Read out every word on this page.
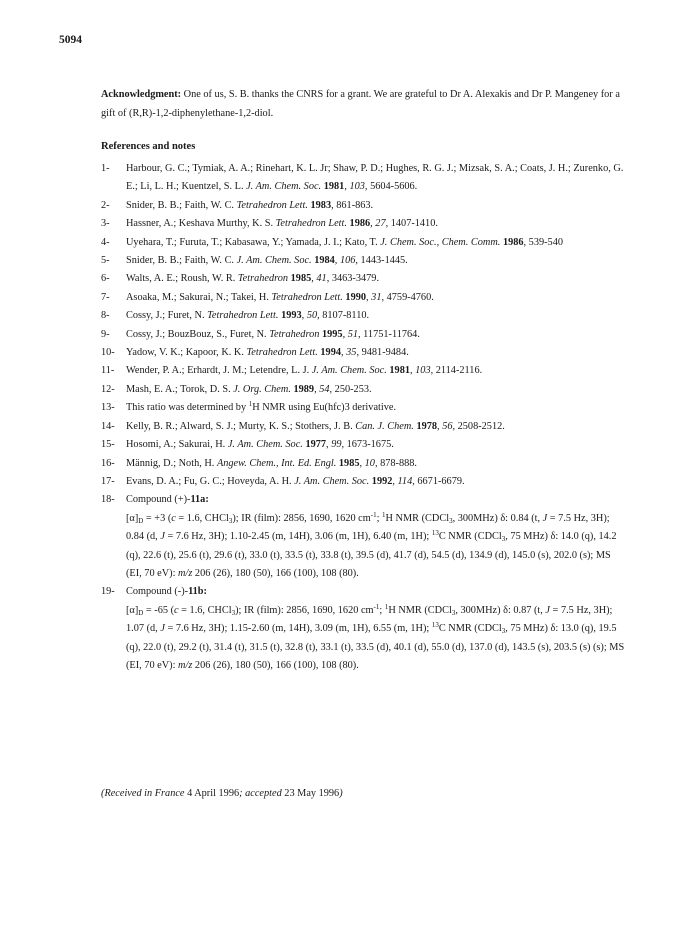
5094
Acknowledgment: One of us, S. B. thanks the CNRS for a grant. We are grateful to Dr A. Alexakis and Dr P. Mangeney for a gift of (R,R)-1,2-diphenylethane-1,2-diol.
References and notes
1- Harbour, G. C.; Tymiak, A. A.; Rinehart, K. L. Jr; Shaw, P. D.; Hughes, R. G. J.; Mizsak, S. A.; Coats, J. H.; Zurenko, G. E.; Li, L. H.; Kuentzel, S. L. J. Am. Chem. Soc. 1981, 103, 5604-5606.
2- Snider, B. B.; Faith, W. C. Tetrahedron Lett. 1983, 861-863.
3- Hassner, A.; Keshava Murthy, K. S. Tetrahedron Lett. 1986, 27, 1407-1410.
4- Uyehara, T.; Furuta, T.; Kabasawa, Y.; Yamada, J. I.; Kato, T. J. Chem. Soc., Chem. Comm. 1986, 539-540
5- Snider, B. B.; Faith, W. C. J. Am. Chem. Soc. 1984, 106, 1443-1445.
6- Walts, A. E.; Roush, W. R. Tetrahedron 1985, 41, 3463-3479.
7- Asoaka, M.; Sakurai, N.; Takei, H. Tetrahedron Lett. 1990, 31, 4759-4760.
8- Cossy, J.; Furet, N. Tetrahedron Lett. 1993, 50, 8107-8110.
9- Cossy, J.; BouzBouz, S., Furet, N. Tetrahedron 1995, 51, 11751-11764.
10- Yadow, V. K.; Kapoor, K. K. Tetrahedron Lett. 1994, 35, 9481-9484.
11- Wender, P. A.; Erhardt, J. M.; Letendre, L. J. J. Am. Chem. Soc. 1981, 103, 2114-2116.
12- Mash, E. A.; Torok, D. S. J. Org. Chem. 1989, 54, 250-253.
13- This ratio was determined by $^1$H NMR using Eu(hfc)3 derivative.
14- Kelly, B. R.; Alward, S. J.; Murty, K. S.; Stothers, J. B. Can. J. Chem. 1978, 56, 2508-2512.
15- Hosomi, A.; Sakurai, H. J. Am. Chem. Soc. 1977, 99, 1673-1675.
16- Männig, D.; Noth, H. Angew. Chem., Int. Ed. Engl. 1985, 10, 878-888.
17- Evans, D. A.; Fu, G. C.; Hoveyda, A. H. J. Am. Chem. Soc. 1992, 114, 6671-6679.
18- Compound (+)-11a:
$[\alpha]_D = +3$ (c = 1.6, CHCl$_3$); IR (film): 2856, 1690, 1620 $cm^{-1}$; $^1$H NMR (CDCl$_3$, 300MHz) δ: 0.84 (t, J = 7.5 Hz, 3H); 0.84 (d, J = 7.6 Hz, 3H); 1.10-2.45 (m, 14H), 3.06 (m, 1H), 6.40 (m, 1H); $^{13}$C NMR (CDCl$_3$, 75 MHz) δ: 14.0 (q), 14.2 (q), 22.6 (t), 25.6 (t), 29.6 (t), 33.0 (t), 33.5 (t), 33.8 (t), 39.5 (d), 41.7 (d), 54.5 (d), 134.9 (d), 145.0 (s), 202.0 (s); MS (EI, 70 eV): m/z 206 (26), 180 (50), 166 (100), 108 (80).
19- Compound (-)-11b:
$[\alpha]_D = -65$ (c = 1.6, CHCl$_3$); IR (film): 2856, 1690, 1620 $cm^{-1}$; $^1$H NMR (CDCl$_3$, 300MHz) δ: 0.87 (t, J = 7.5 Hz, 3H); 1.07 (d, J = 7.6 Hz, 3H); 1.15-2.60 (m, 14H), 3.09 (m, 1H), 6.55 (m, 1H); $^{13}$C NMR (CDCl$_3$, 75 MHz) δ: 13.0 (q), 19.5 (q), 22.0 (t), 29.2 (t), 31.4 (t), 31.5 (t), 32.8 (t), 33.1 (t), 33.5 (d), 40.1 (d), 55.0 (d), 137.0 (d), 143.5 (s), 203.5 (s) (s); MS (EI, 70 eV): m/z 206 (26), 180 (50), 166 (100), 108 (80).
(Received in France 4 April 1996; accepted 23 May 1996)
